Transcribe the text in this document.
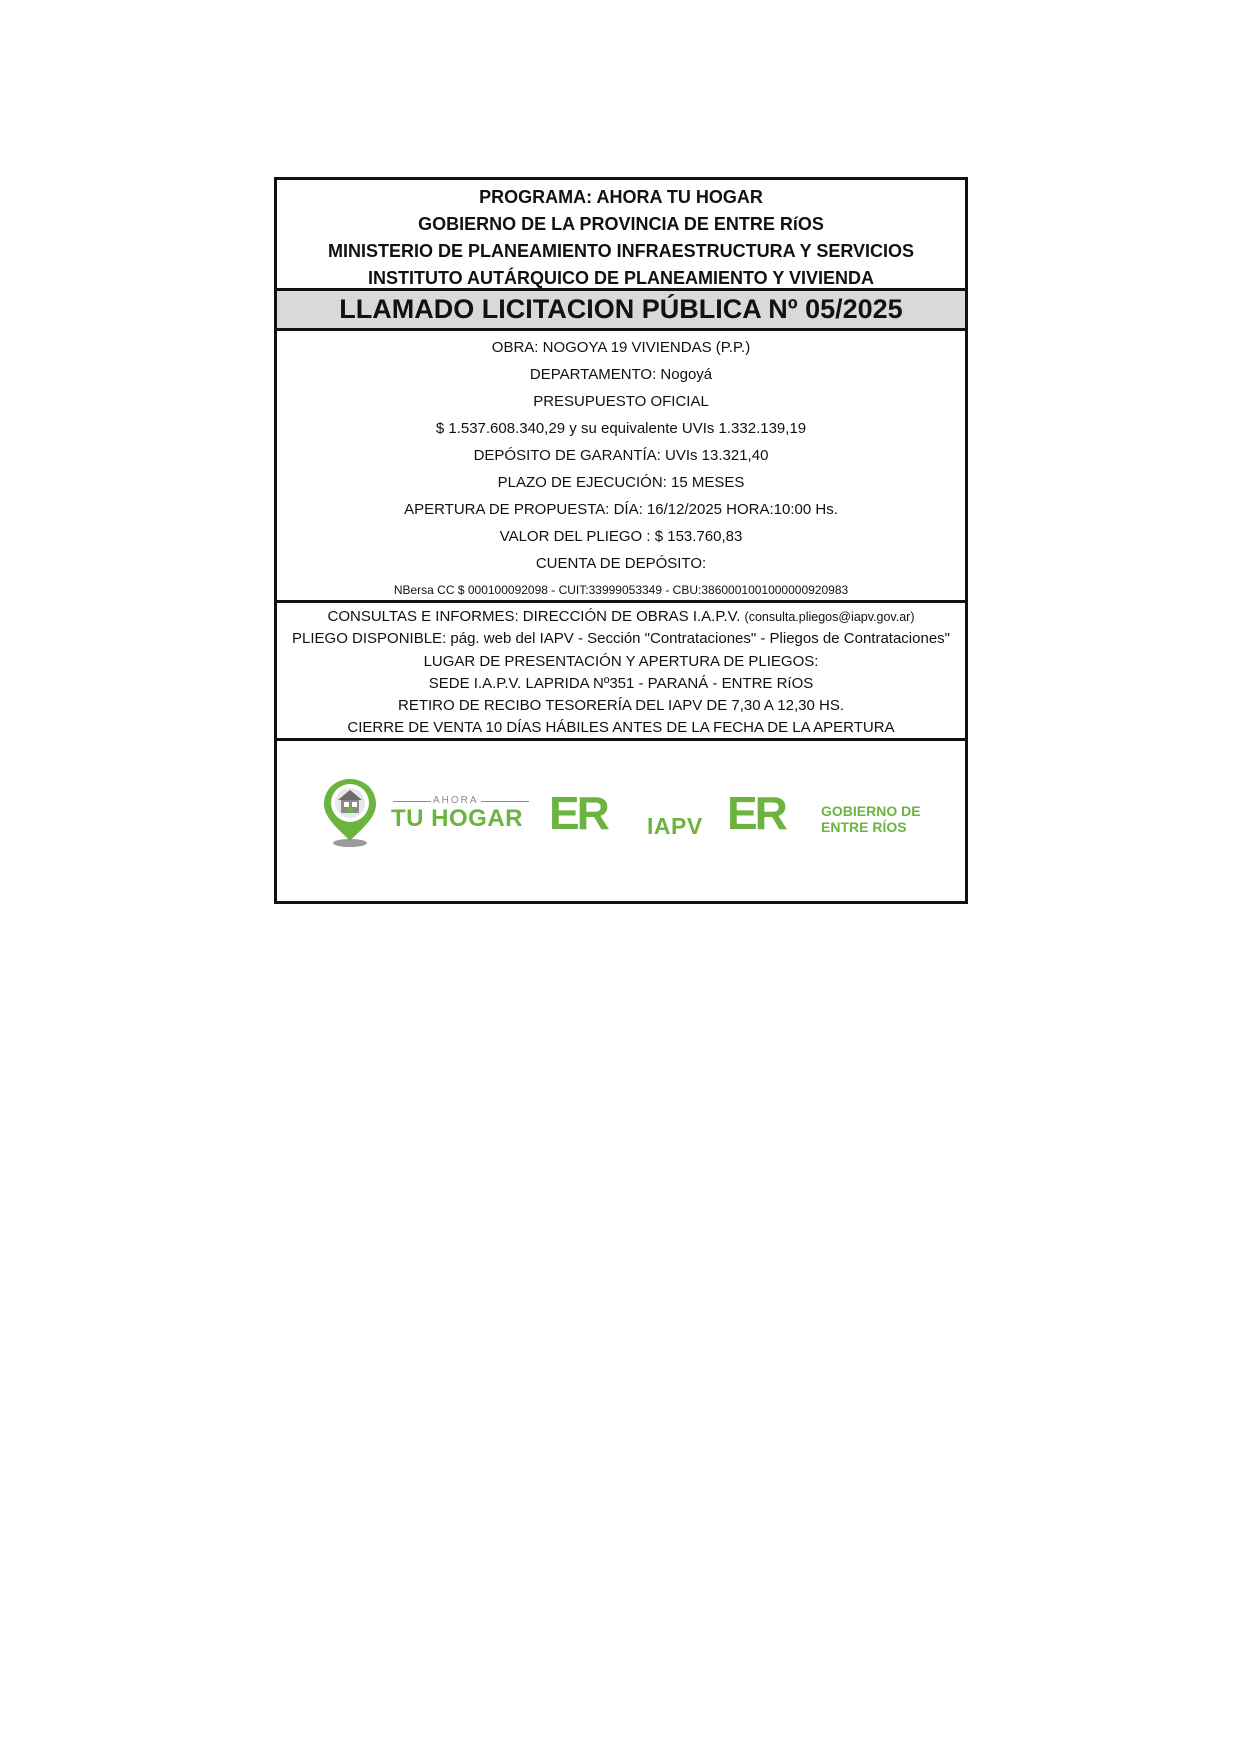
PROGRAMA: AHORA TU HOGAR
GOBIERNO DE LA PROVINCIA DE ENTRE RíOS
MINISTERIO DE PLANEAMIENTO INFRAESTRUCTURA Y SERVICIOS
INSTITUTO AUTÁRQUICO DE PLANEAMIENTO Y VIVIENDA
LLAMADO LICITACION PÚBLICA Nº 05/2025
OBRA: NOGOYA 19 VIVIENDAS (P.P.)
DEPARTAMENTO: Nogoyá
PRESUPUESTO OFICIAL
$ 1.537.608.340,29 y su equivalente UVIs 1.332.139,19
DEPÓSITO DE GARANTÍA: UVIs 13.321,40
PLAZO DE EJECUCIÓN: 15 MESES
APERTURA DE PROPUESTA: DÍA: 16/12/2025 HORA:10:00 Hs.
VALOR DEL PLIEGO : $ 153.760,83
CUENTA DE DEPÓSITO:
NBersa CC $ 000100092098 - CUIT:33999053349 - CBU:3860001001000000920983
CONSULTAS E INFORMES: DIRECCIÓN DE OBRAS I.A.P.V. (consulta.pliegos@iapv.gov.ar)
PLIEGO DISPONIBLE: pág. web del IAPV - Sección "Contrataciones" - Pliegos de Contrataciones"
LUGAR DE PRESENTACIÓN Y APERTURA DE PLIEGOS:
SEDE I.A.P.V. LAPRIDA Nº351 - PARANÁ - ENTRE RíOS
RETIRO DE RECIBO TESORERÍA DEL IAPV DE 7,30 A 12,30 HS.
CIERRE DE VENTA 10 DÍAS HÁBILES ANTES DE LA FECHA DE LA APERTURA
AHORA
TU HOGAR ER IAPV ER	GOBIERNO DE
ENTRE RÍOS
